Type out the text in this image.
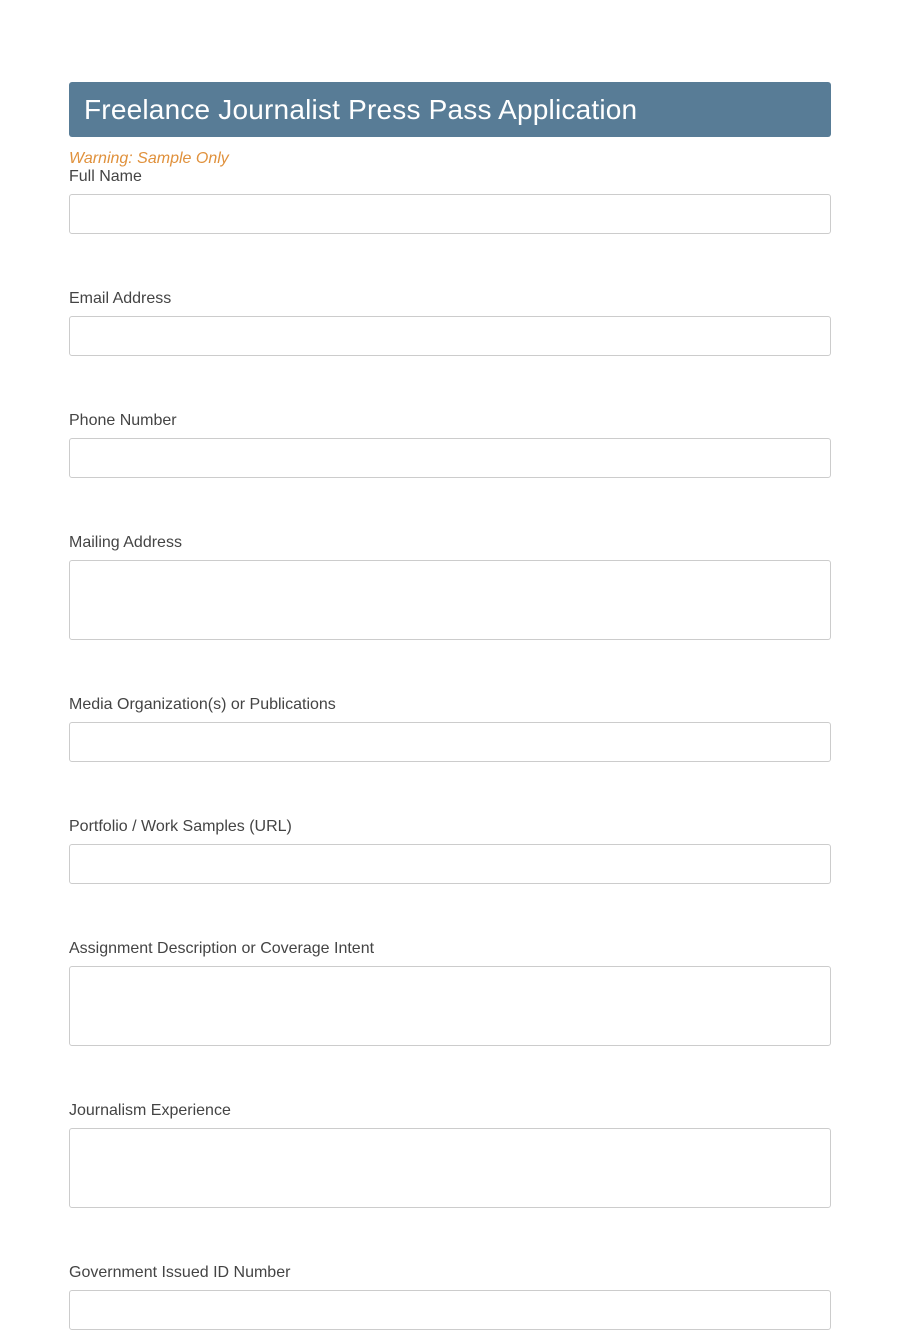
Freelance Journalist Press Pass Application
Warning: Sample Only
Full Name
Email Address
Phone Number
Mailing Address
Media Organization(s) or Publications
Portfolio / Work Samples (URL)
Assignment Description or Coverage Intent
Journalism Experience
Government Issued ID Number
